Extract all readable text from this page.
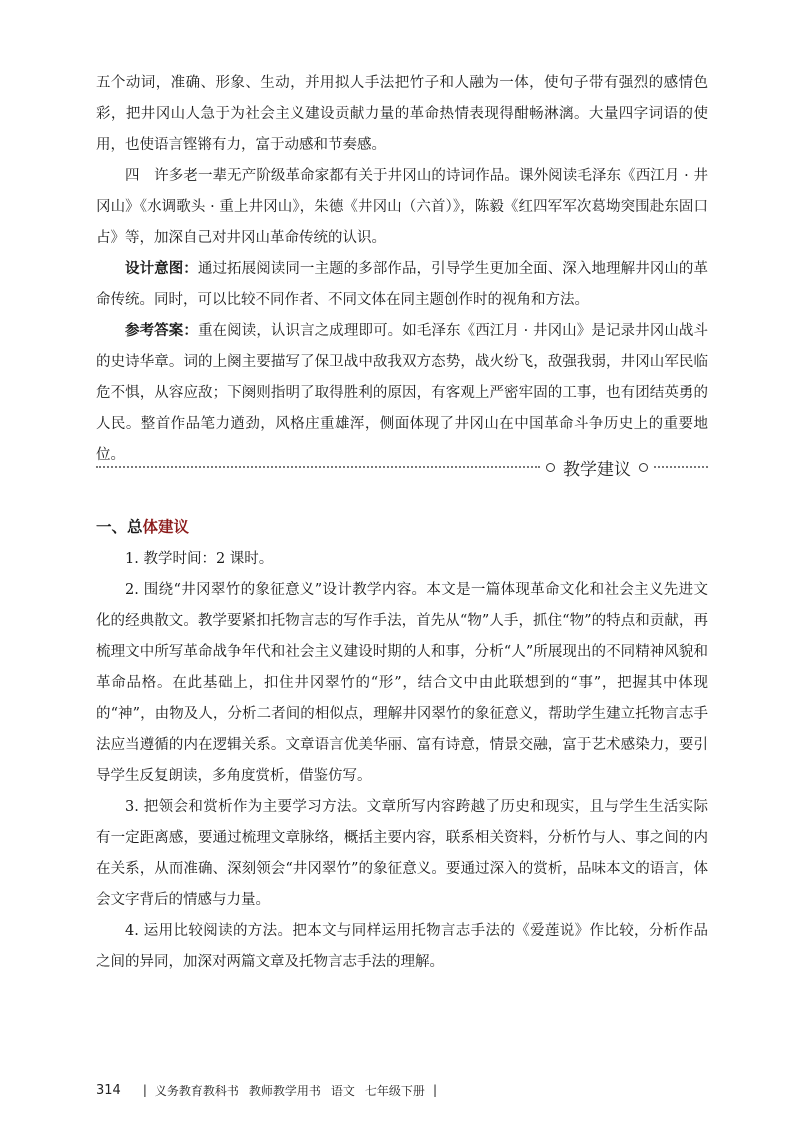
五个动词，准确、形象、生动，并用拟人手法把竹子和人融为一体，使句子带有强烈的感情色彩，把井冈山人急于为社会主义建设贡献力量的革命热情表现得酣畅淋漓。大量四字词语的使用，也使语言铿锵有力，富于动感和节奏感。

四　许多老一辈无产阶级革命家都有关于井冈山的诗词作品。课外阅读毛泽东《西江月 · 井冈山》《水调歌头 · 重上井冈山》，朱德《井冈山（六首）》，陈毅《红四军军次葛坳突围赴东固口占》等，加深自己对井冈山革命传统的认识。

设计意图：通过拓展阅读同一主题的多部作品，引导学生更加全面、深入地理解井冈山的革命传统。同时，可以比较不同作者、不同文体在同主题创作时的视角和方法。

参考答案：重在阅读，认识言之成理即可。如毛泽东《西江月 · 井冈山》是记录井冈山战斗的史诗华章。词的上阕主要描写了保卫战中敌我双方态势，战火纷飞，敌强我弱，井冈山军民临危不惧，从容应敌；下阕则指明了取得胜利的原因，有客观上严密牢固的工事，也有团结英勇的人民。整首作品笔力遒劲，风格庄重雄浑，侧面体现了井冈山在中国革命斗争历史上的重要地位。

教学建议

一、总体建议

1. 教学时间：2 课时。

2. 围绕“井冈翠竹的象征意义”设计教学内容。本文是一篇体现革命文化和社会主义先进文化的经典散文。教学要紧扣托物言志的写作手法，首先从“物”人手，抓住“物”的特点和贡献，再梳理文中所写革命战争年代和社会主义建设时期的人和事，分析“人”所展现出的不同精神风貌和革命品格。在此基础上，扣住井冈翠竹的“形”，结合文中由此联想到的“事”，把握其中体现的“神”，由物及人，分析二者间的相似点，理解井冈翠竹的象征意义，帮助学生建立托物言志手法应当遵循的内在逻辑关系。文章语言优美华丽、富有诗意，情景交融，富于艺术感染力，要引导学生反复朗读，多角度赏析，借鉴仿写。

3. 把领会和赏析作为主要学习方法。文章所写内容跨越了历史和现实，且与学生生活实际有一定距离感，要通过梳理文章脉络，概括主要内容，联系相关资料，分析竹与人、事之间的内在关系，从而准确、深刻领会“井冈翠竹”的象征意义。要通过深入的赏析，品味本文的语言，体会文字背后的情感与力量。

4. 运用比较阅读的方法。把本文与同样运用托物言志手法的《爱莲说》作比较，分析作品之间的异同，加深对两篇文章及托物言志手法的理解。

314 | 义务教育教科书 教师教学用书 语文 七年级下册 |
